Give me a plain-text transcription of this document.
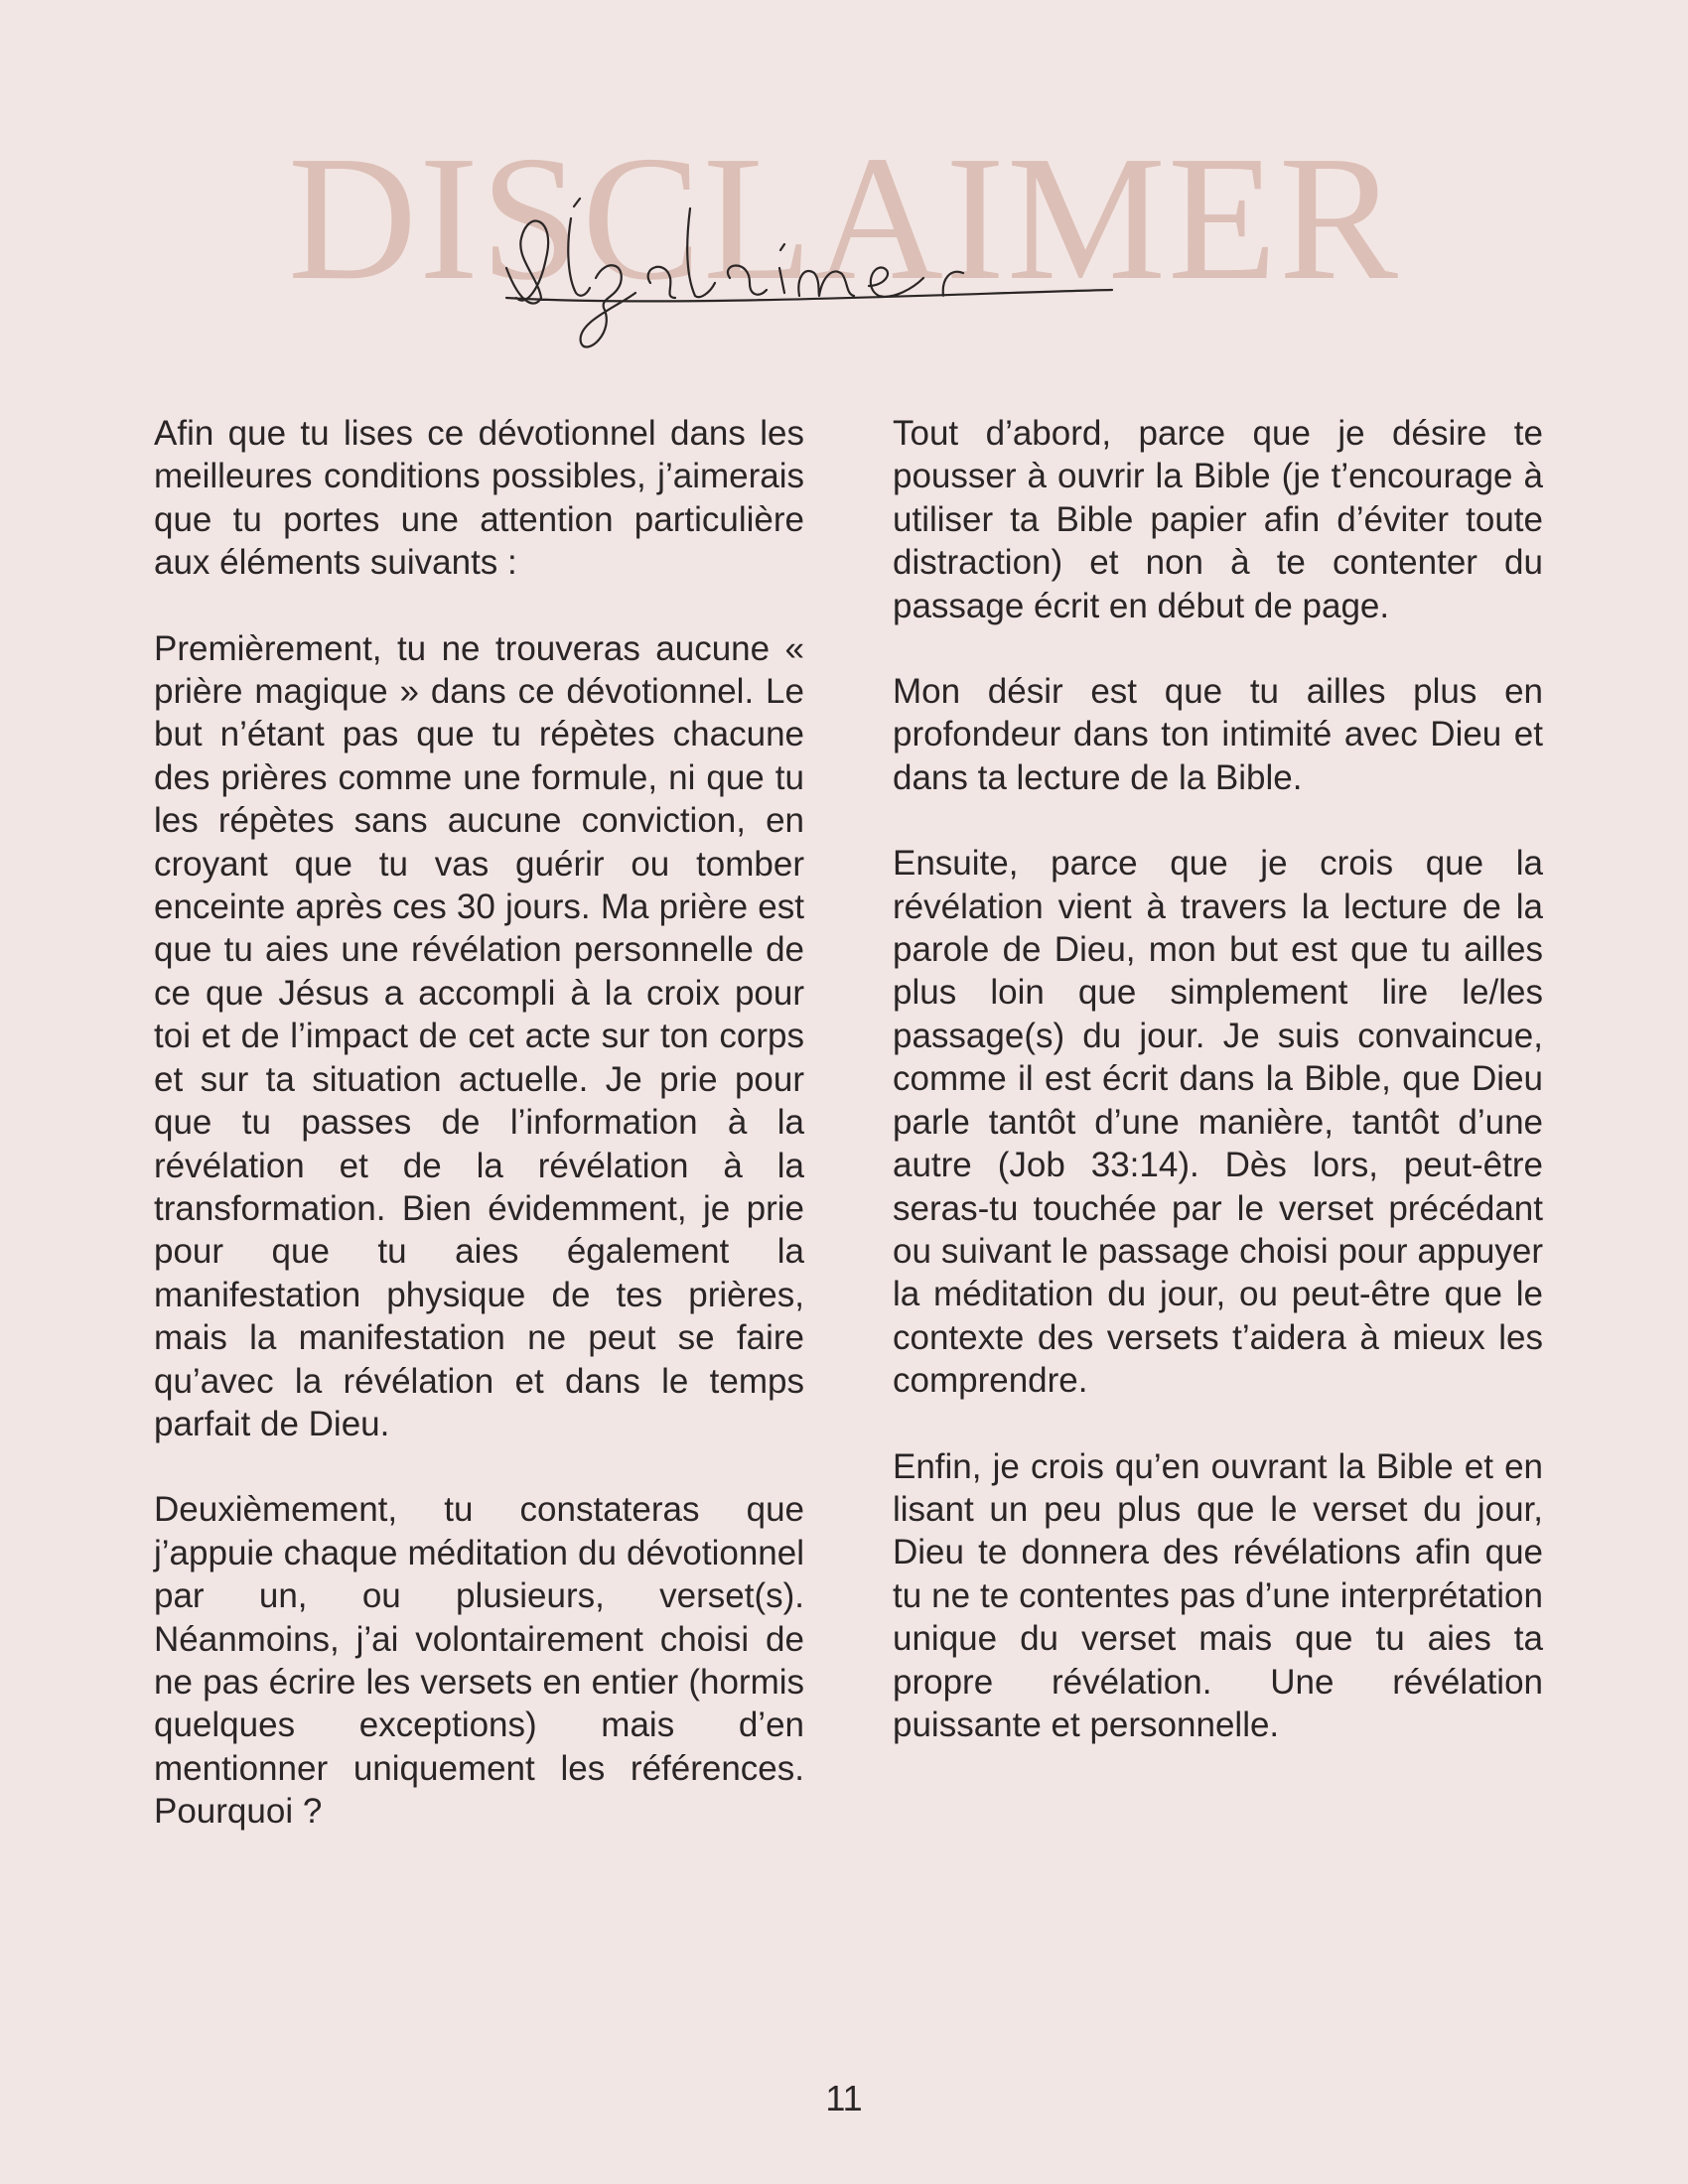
DISCLAIMER

Afin que tu lises ce dévotionnel dans les meilleures conditions possibles, j’aimerais que tu portes une attention particulière aux éléments suivants :

Premièrement, tu ne trouveras aucune « prière magique » dans ce dévotionnel. Le but n’étant pas que tu répètes chacune des prières comme une formule, ni que tu les répètes sans aucune conviction, en croyant que tu vas guérir ou tomber enceinte après ces 30 jours. Ma prière est que tu aies une révélation personnelle de ce que Jésus a accompli à la croix pour toi et de l’impact de cet acte sur ton corps et sur ta situation actuelle. Je prie pour que tu passes de l’information à la révélation et de la révélation à la transformation. Bien évidemment, je prie pour que tu aies également la manifestation physique de tes prières, mais la manifestation ne peut se faire qu’avec la révélation et dans le temps parfait de Dieu.

Deuxièmement, tu constateras que j’appuie chaque méditation du dévotionnel par un, ou plusieurs, verset(s). Néanmoins, j’ai volontairement choisi de ne pas écrire les versets en entier (hormis quelques exceptions) mais d’en mentionner uniquement les références. Pourquoi ?

Tout d’abord, parce que je désire te pousser à ouvrir la Bible (je t’encourage à utiliser ta Bible papier afin d’éviter toute distraction) et non à te contenter du passage écrit en début de page.

Mon désir est que tu ailles plus en profondeur dans ton intimité avec Dieu et dans ta lecture de la Bible.

Ensuite, parce que je crois que la révélation vient à travers la lecture de la parole de Dieu, mon but est que tu ailles plus loin que simplement lire le/les passage(s) du jour. Je suis convaincue, comme il est écrit dans la Bible, que Dieu parle tantôt d’une manière, tantôt d’une autre (Job 33:14). Dès lors, peut-être seras-tu touchée par le verset précédant ou suivant le passage choisi pour appuyer la méditation du jour, ou peut-être que le contexte des versets t’aidera à mieux les comprendre.

Enfin, je crois qu’en ouvrant la Bible et en lisant un peu plus que le verset du jour, Dieu te donnera des révélations afin que tu ne te contentes pas d’une interprétation unique du verset mais que tu aies ta propre révélation. Une révélation puissante et personnelle.

11
